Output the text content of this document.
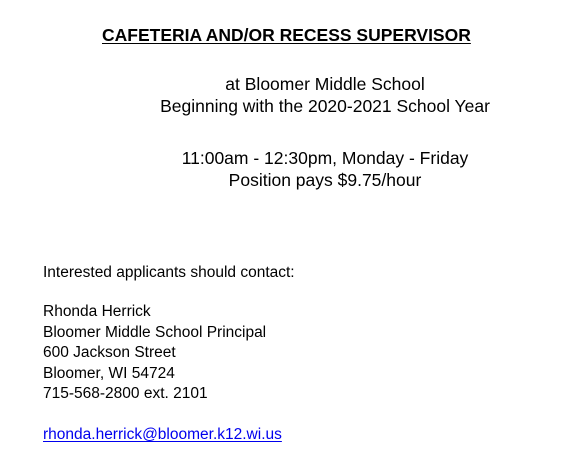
CAFETERIA AND/OR RECESS SUPERVISOR
at Bloomer Middle School
Beginning with the 2020-2021 School Year
11:00am - 12:30pm, Monday - Friday
Position pays $9.75/hour
Interested applicants should contact:
Rhonda Herrick
Bloomer Middle School Principal
600 Jackson Street
Bloomer, WI 54724
715-568-2800 ext. 2101
rhonda.herrick@bloomer.k12.wi.us
